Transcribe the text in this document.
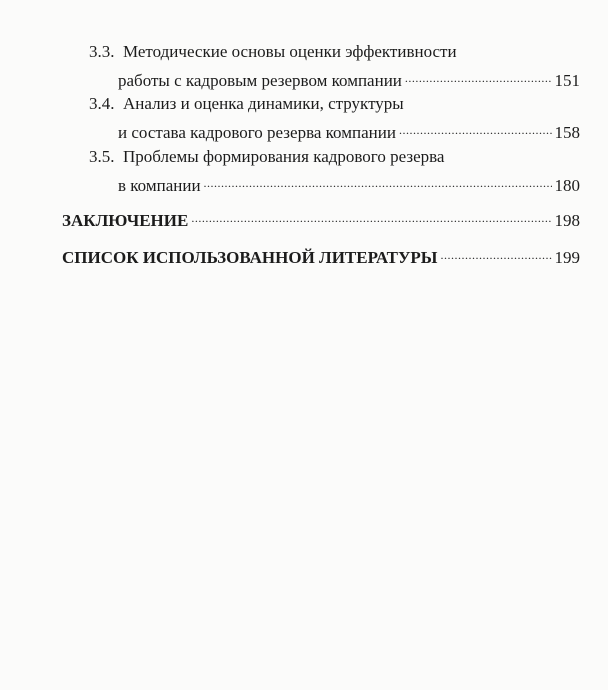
3.3. Методические основы оценки эффективности
работы с кадровым резервом компании .....	151
3.4. Анализ и оценка динамики, структуры
и состава кадрового резерва компании .....	158
3.5. Проблемы формирования кадрового резерва
в компании .....	180
ЗАКЛЮЧЕНИЕ .....	198
СПИСОК ИСПОЛЬЗОВАННОЙ ЛИТЕРАТУРЫ .....	199
